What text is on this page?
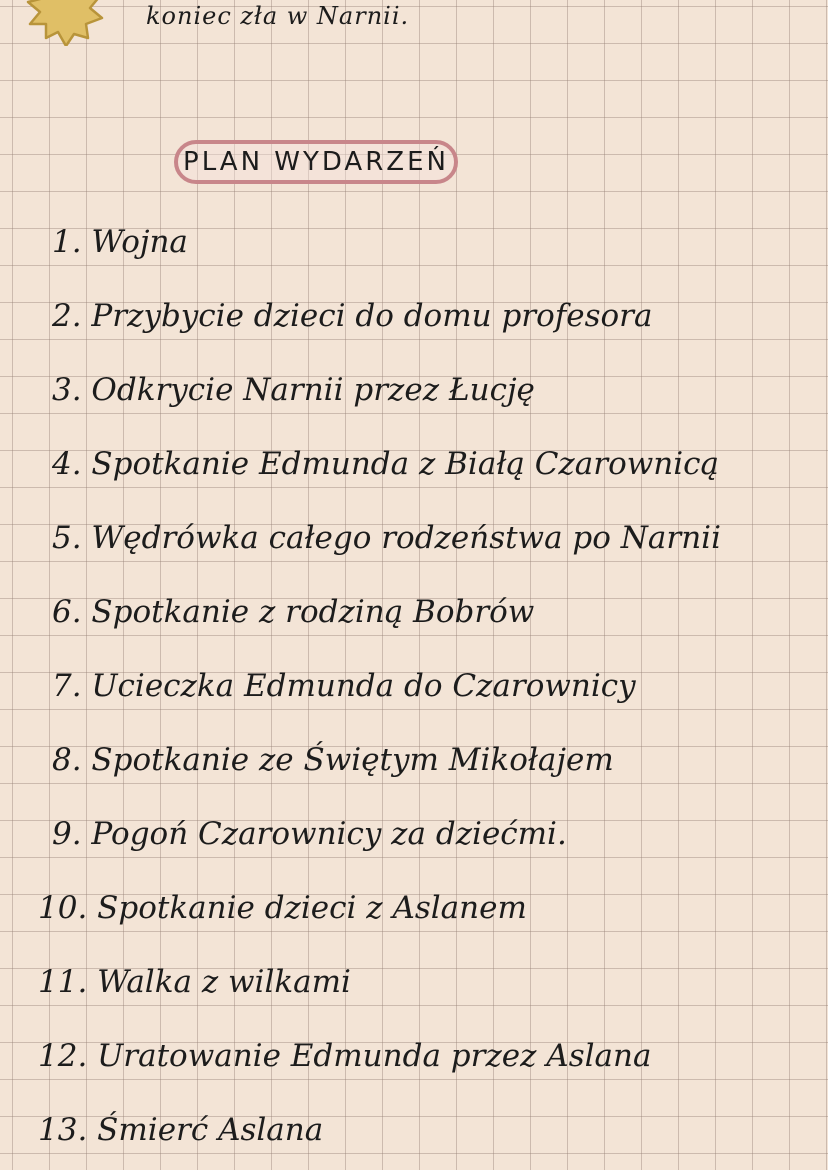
koniec zła w Narnii.
PLAN WYDARZEŃ
1. Wojna
2. Przybycie dzieci do domu profesora
3. Odkrycie Narnii przez Łucję
4. Spotkanie Edmunda z Białą Czarownicą
5. Wędrówka całego rodzeństwa po Narnii
6. Spotkanie z rodziną Bobrów
7. Ucieczka Edmunda do Czarownicy
8. Spotkanie ze Świętym Mikołajem
9. Pogoń Czarownicy za dziećmi.
10. Spotkanie dzieci z Aslanem
11. Walka z wilkami
12. Uratowanie Edmunda przez Aslana
13. Śmierć Aslana
